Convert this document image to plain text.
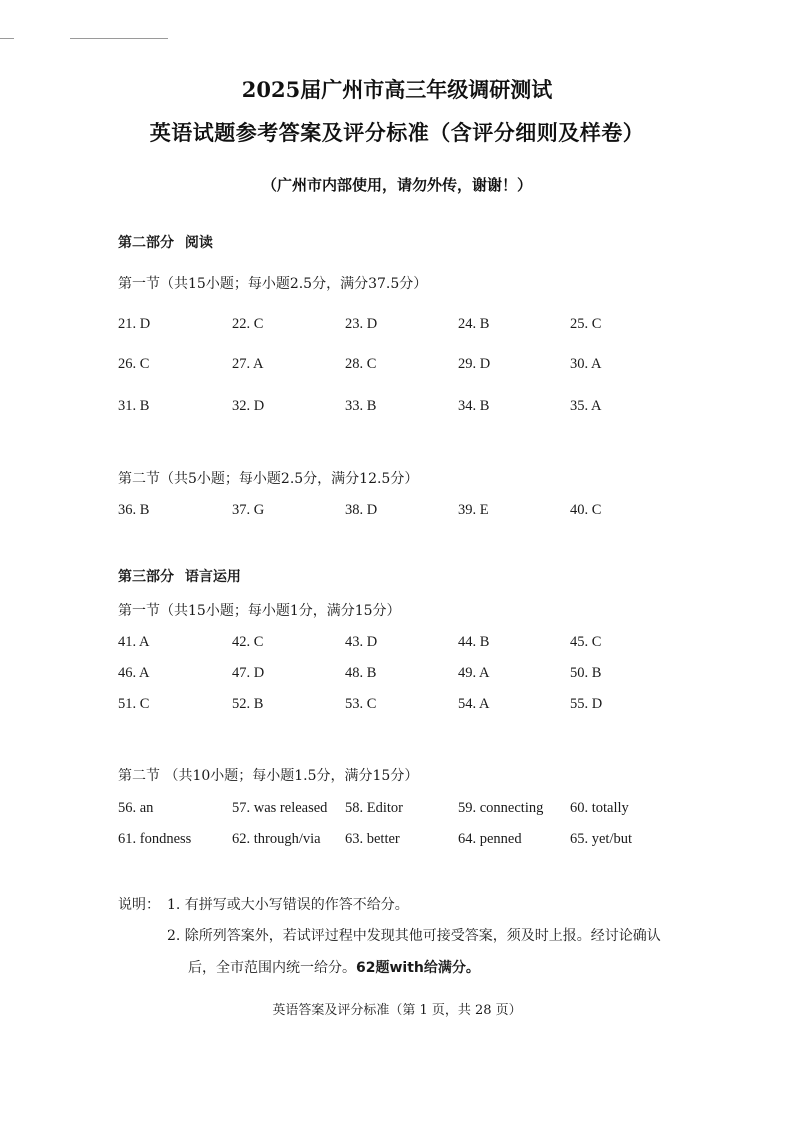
2025届广州市高三年级调研测试
英语试题参考答案及评分标准（含评分细则及样卷）
（广州市内部使用，请勿外传，谢谢！）
第二部分 阅读
第一节（共15小题；每小题2.5分，满分37.5分）
21. D	22. C	23. D	24. B	25. C
26. C	27. A	28. C	29. D	30. A
31. B	32. D	33. B	34. B	35. A
第二节（共5小题；每小题2.5分，满分12.5分）
36. B	37. G	38. D	39. E	40. C
第三部分 语言运用
第一节（共15小题；每小题1分，满分15分）
41. A	42. C	43. D	44. B	45. C
46. A	47. D	48. B	49. A	50. B
51. C	52. B	53. C	54. A	55. D
第二节 （共10小题；每小题1.5分，满分15分）
56. an	57. was released 58. Editor	59. connecting 60. totally
61. fondness	62. through/via 63. better	64. penned	65. yet/but
说明： 1. 有拼写或大小写错误的作答不给分。
2. 除所列答案外，若试评过程中发现其他可接受答案，须及时上报。经讨论确认
后，全市范围内统一给分。62题with给满分。
英语答案及评分标准（第 1 页，共 28 页）
